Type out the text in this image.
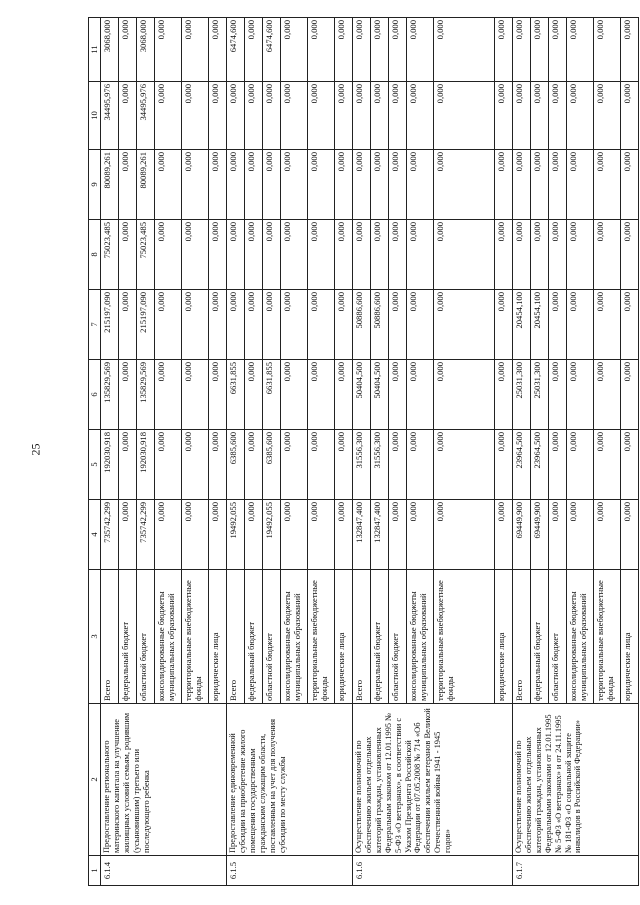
25
1	2	3	4	5	6	7	8	9	10	11
6.1.4	Предоставление регионального материнского капитала на улучшение жилищных условий семьям, родившим (усыновившим) третьего или последующего ребенка	Всего	735742,299	192030,918	135829,569	215197,090	75023,485	80089,261	34495,976	3068,000
		федеральный бюджет	0,000	0,000	0,000	0,000	0,000	0,000	0,000	0,000
		областной бюджет	735742,299	192030,918	135829,569	215197,090	75023,485	80089,261	34495,976	3068,000
		консолидированные бюджеты муниципальных образований	0,000	0,000	0,000	0,000	0,000	0,000	0,000	0,000
		территориальные внебюджетные фонды	0,000	0,000	0,000	0,000	0,000	0,000	0,000	0,000
		юридические лица	0,000	0,000	0,000	0,000	0,000	0,000	0,000	0,000
6.1.5	Предоставление единовременной субсидии на приобретение жилого помещения государственным гражданским служащим области, поставленным на учет для получения субсидии по месту службы	Всего	19492,055	6385,600	6631,855	0,000	0,000	0,000	0,000	6474,600
		федеральный бюджет	0,000	0,000	0,000	0,000	0,000	0,000	0,000	0,000
		областной бюджет	19492,055	6385,600	6631,855	0,000	0,000	0,000	0,000	6474,600
		консолидированные бюджеты муниципальных образований	0,000	0,000	0,000	0,000	0,000	0,000	0,000	0,000
		территориальные внебюджетные фонды	0,000	0,000	0,000	0,000	0,000	0,000	0,000	0,000
		юридические лица	0,000	0,000	0,000	0,000	0,000	0,000	0,000	0,000
6.1.6	Осуществление полномочий по обеспечению жильем отдельных категорий граждан, установленных Федеральным законом от 12.01.1995 № 5-ФЗ «О ветеранах», в соответствии с Указом Президента Российской Федерации от 07.05.2008 № 714 «Об обеспечении жильем ветеранов Великой Отечественной войны 1941 - 1945 годов»	Всего	132847,400	31556,300	50404,500	50886,600	0,000	0,000	0,000	0,000
		федеральный бюджет	132847,400	31556,300	50404,500	50886,600	0,000	0,000	0,000	0,000
		областной бюджет	0,000	0,000	0,000	0,000	0,000	0,000	0,000	0,000
		консолидированные бюджеты муниципальных образований	0,000	0,000	0,000	0,000	0,000	0,000	0,000	0,000
		территориальные внебюджетные фонды	0,000	0,000	0,000	0,000	0,000	0,000	0,000	0,000
		юридические лица	0,000	0,000	0,000	0,000	0,000	0,000	0,000	0,000
6.1.7	Осуществление полномочий по обеспечению жильем отдельных категорий граждан, установленных Федеральными законами от 12.01.1995 № 5-ФЗ «О ветеранах» и от 24.11.1995 № 181-ФЗ «О социальной защите инвалидов в Российской Федерации»	Всего	69449,900	23964,500	25031,300	20454,100	0,000	0,000	0,000	0,000
		федеральный бюджет	69449,900	23964,500	25031,300	20454,100	0,000	0,000	0,000	0,000
		областной бюджет	0,000	0,000	0,000	0,000	0,000	0,000	0,000	0,000
		консолидированные бюджеты муниципальных образований	0,000	0,000	0,000	0,000	0,000	0,000	0,000	0,000
		территориальные внебюджетные фонды	0,000	0,000	0,000	0,000	0,000	0,000	0,000	0,000
		юридические лица	0,000	0,000	0,000	0,000	0,000	0,000	0,000	0,000
